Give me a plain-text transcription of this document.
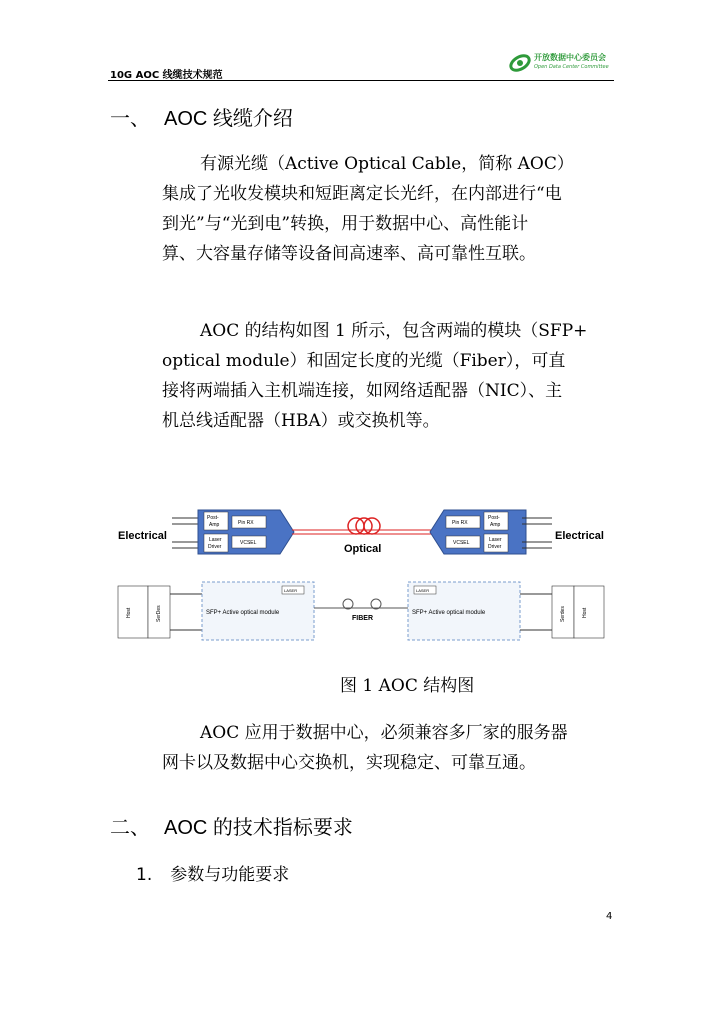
10G AOC 线缆技术规范
开放数据中心委员会
Open Data Center Committee
一、 AOC 线缆介绍
有源光缆（Active Optical Cable，简称 AOC）
集成了光收发模块和短距离定长光纤，在内部进行“电
到光”与“光到电”转换，用于数据中心、高性能计
算、大容量存储等设备间高速率、高可靠性互联。
AOC 的结构如图 1 所示，包含两端的模块（SFP+
optical module）和固定长度的光缆（Fiber），可直
接将两端插入主机端连接，如网络适配器（NIC）、主
机总线适配器（HBA）或交换机等。
Electrical	Electrical
Post-
Amp	Pin RX
Laser
Driver
VCSEL	Optical
Pin RX
Post-
Amp
VCSEL	Laser
Driver
Host	SerDes
LASER
SFP+ Active optical module
FIBER
LASER
SFP+ Active optical module	Serdes	Host
图 1 AOC 结构图
AOC 应用于数据中心，必须兼容多厂家的服务器
网卡以及数据中心交换机，实现稳定、可靠互通。
二、 AOC 的技术指标要求
1. 参数与功能要求
4
